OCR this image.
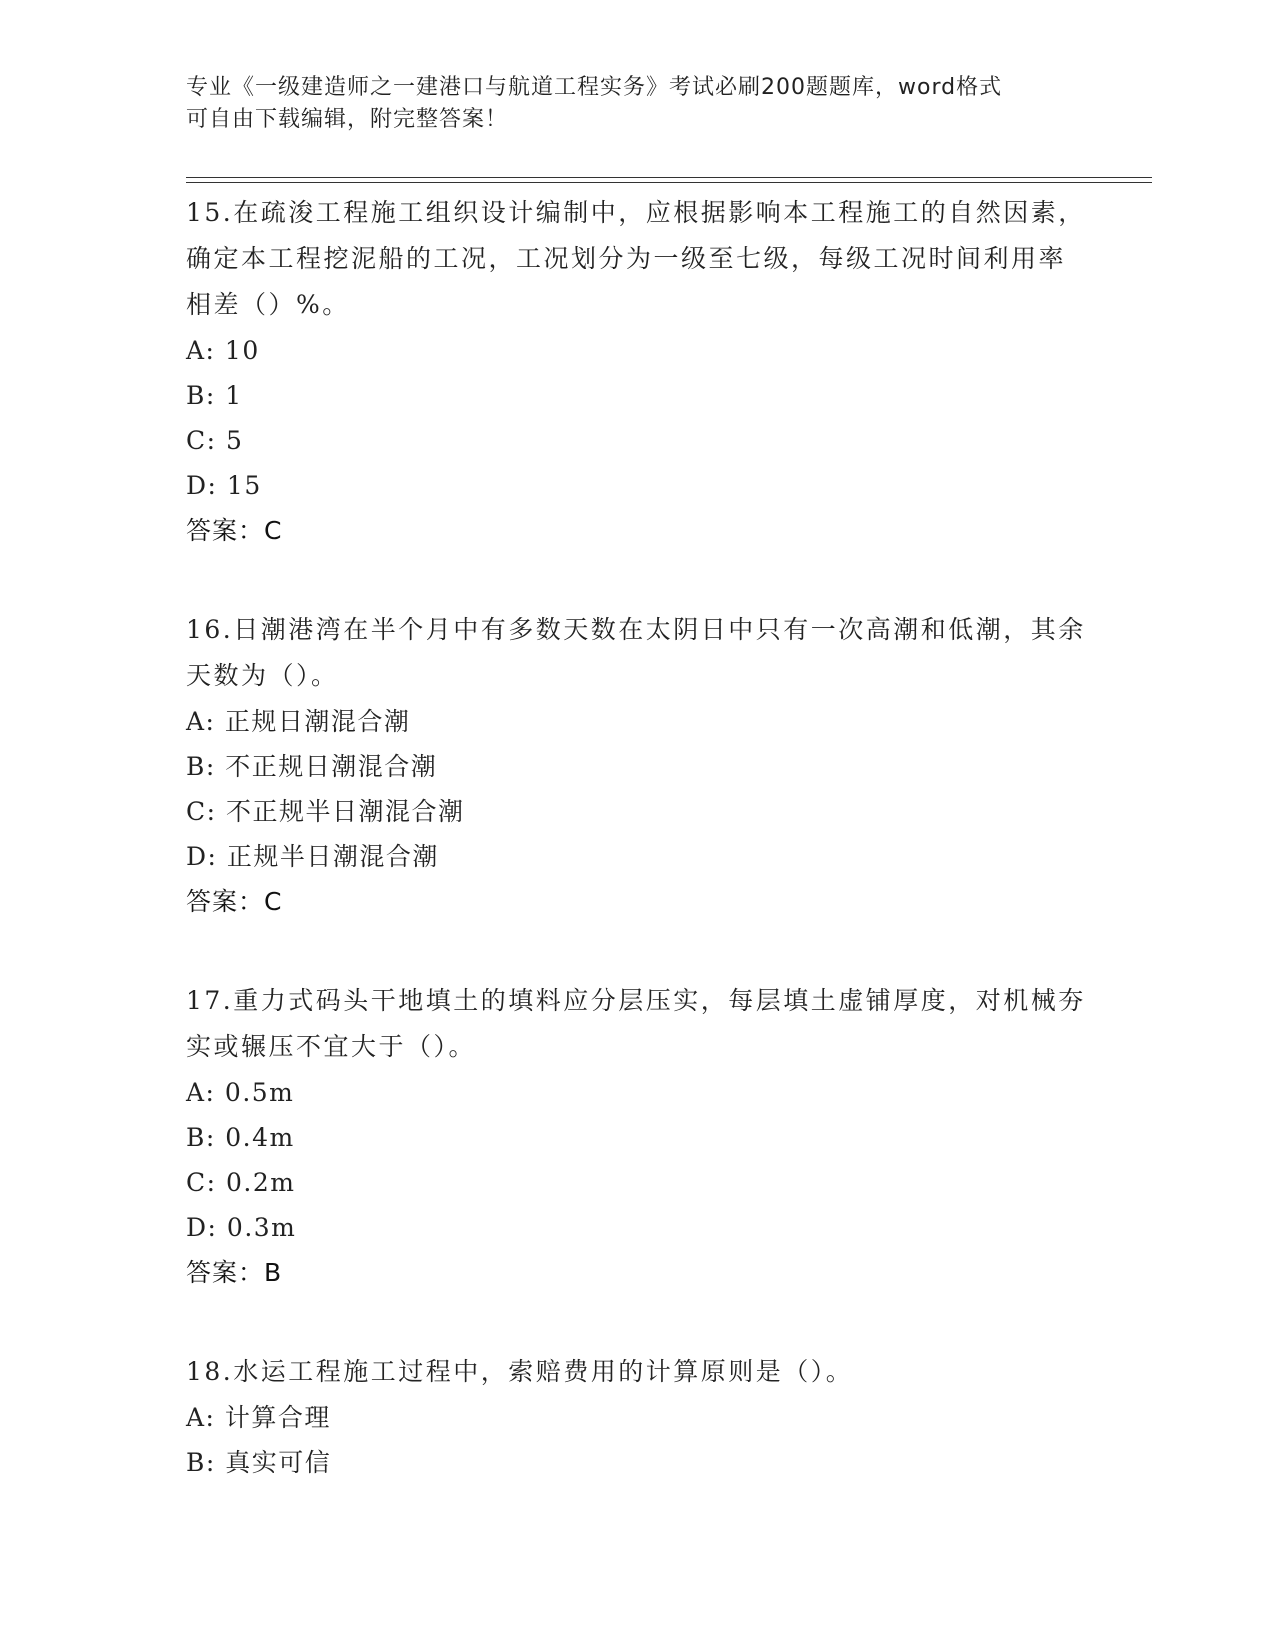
专业《一级建造师之一建港口与航道工程实务》考试必刷200题题库，word格式
可自由下载编辑，附完整答案！

15.在疏浚工程施工组织设计编制中，应根据影响本工程施工的自然因素，确定本工程挖泥船的工况，工况划分为一级至七级，每级工况时间利用率相差（）%。

A: 10

B: 1

C: 5

D: 15

答案：C

16.日潮港湾在半个月中有多数天数在太阴日中只有一次高潮和低潮，其余天数为（）。

A: 正规日潮混合潮

B: 不正规日潮混合潮

C: 不正规半日潮混合潮

D: 正规半日潮混合潮

答案：C

17.重力式码头干地填土的填料应分层压实，每层填土虚铺厚度，对机械夯实或辗压不宜大于（）。

A: 0.5m

B: 0.4m

C: 0.2m

D: 0.3m

答案：B

18.水运工程施工过程中，索赔费用的计算原则是（）。

A: 计算合理

B: 真实可信
